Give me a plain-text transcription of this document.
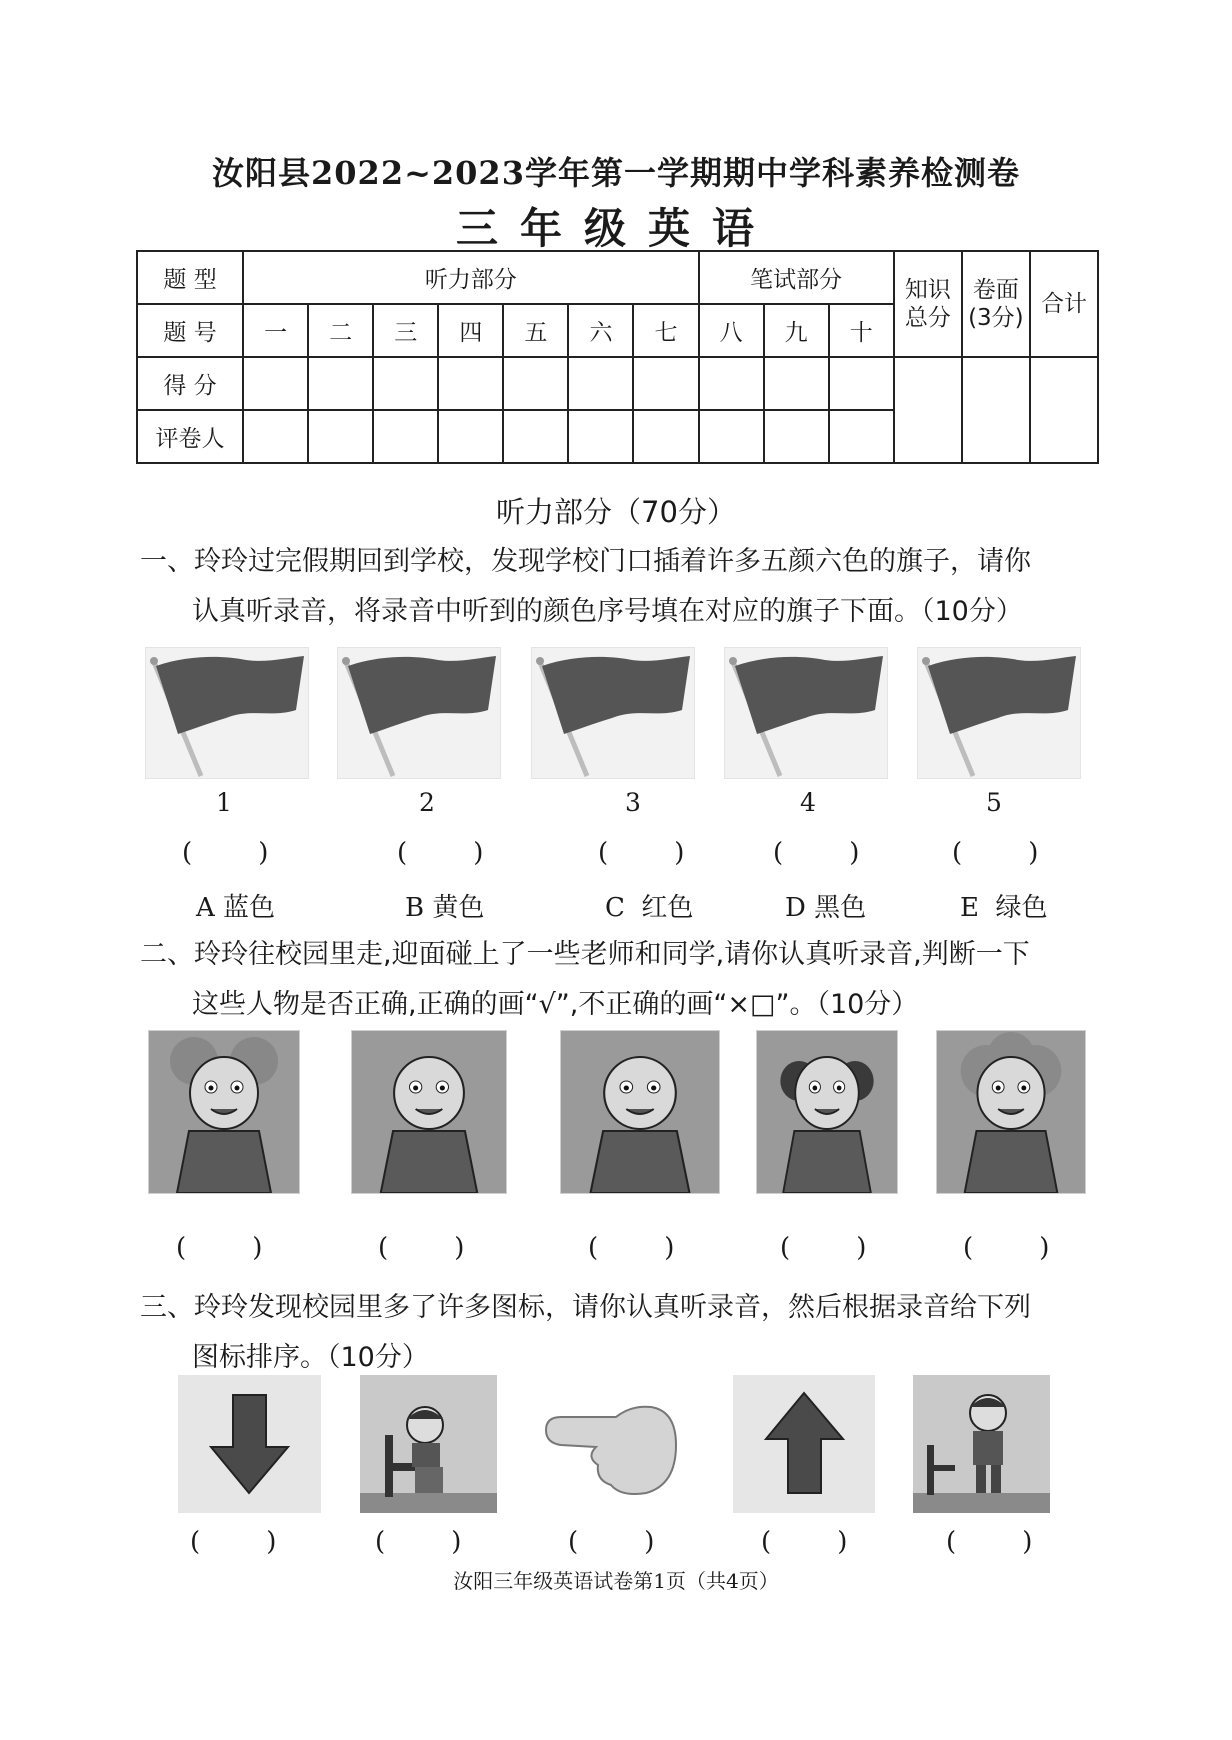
汝阳县2022~2023学年第一学期期中学科素养检测卷
三年级英语
题 型	听力部分							笔试部分			知识总分	卷面(3分)	合计
题 号	一	二	三	四	五	六	七	八	九	十			
得 分													
评卷人													
听力部分（70分）
一、玲玲过完假期回到学校，发现学校门口插着许多五颜六色的旗子，请你
认真听录音，将录音中听到的颜色序号填在对应的旗子下面。（10分）
1
(        )
A 蓝色
2
(        )
B 黄色
3
(        )
C  红色
4
(        )
D 黑色
5
(        )
E  绿色
二、玲玲往校园里走,迎面碰上了一些老师和同学,请你认真听录音,判断一下
这些人物是否正确,正确的画“√”,不正确的画“×□”。（10分）
(        )	(        )	(        )	(        )	(        )
三、玲玲发现校园里多了许多图标，请你认真听录音，然后根据录音给下列
图标排序。（10分）
(        )	(        )	(        )	(        )	(        )
汝阳三年级英语试卷第1页（共4页）
